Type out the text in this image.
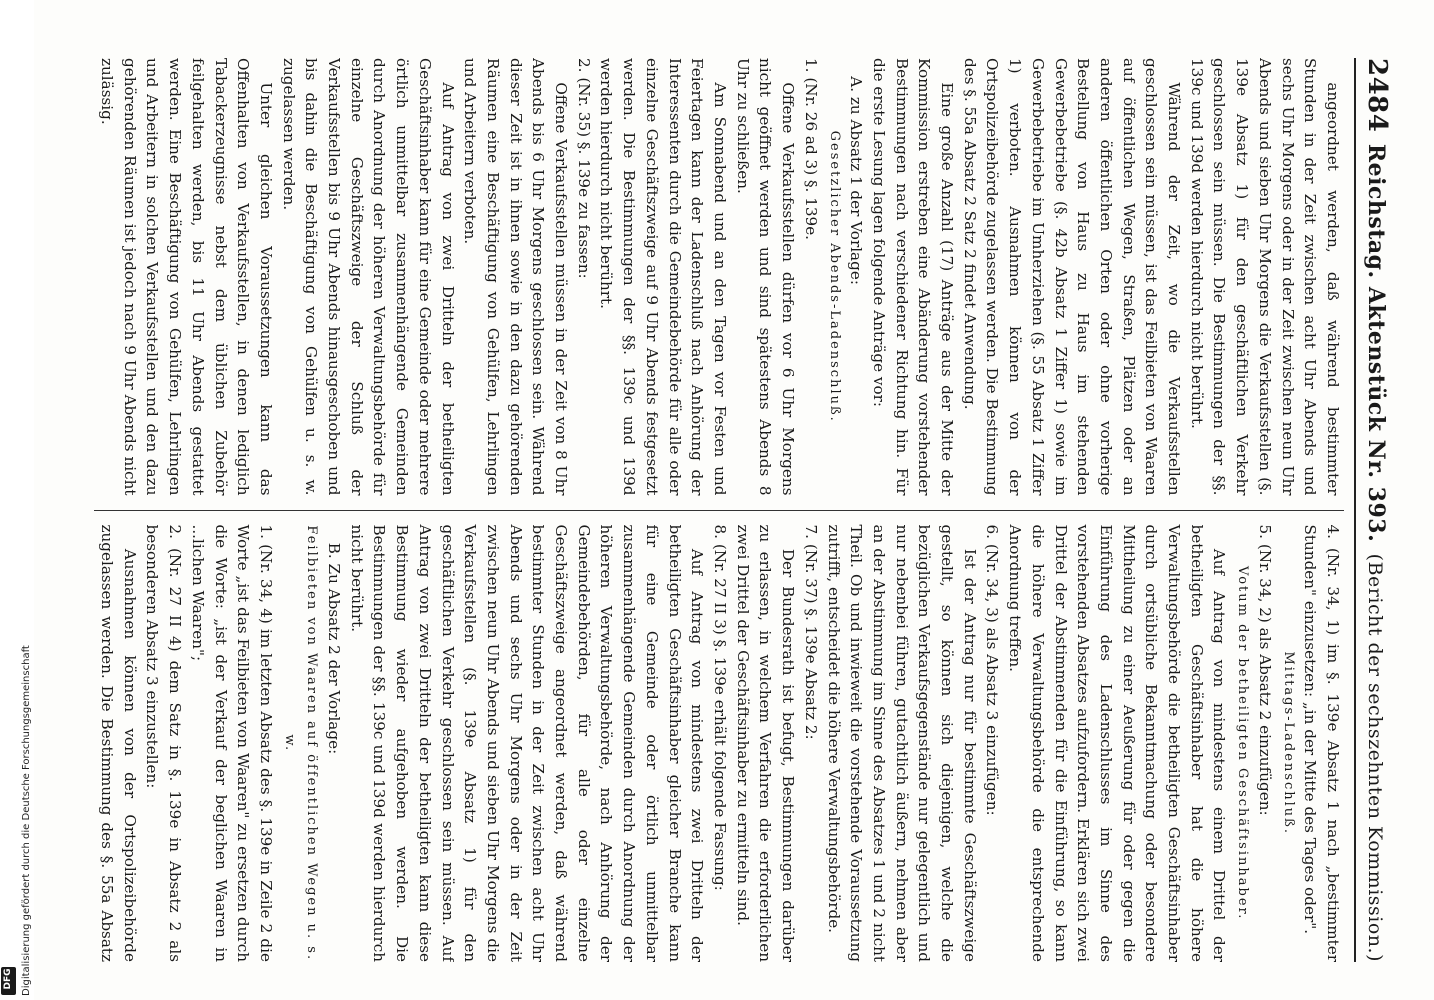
2484
Reichstag. Aktenstück Nr. 393.
(Bericht der sechszehnten Kommission.)

angeordnet werden, daß während bestimmter Stunden in der Zeit zwischen acht Uhr Abends und sechs Uhr Morgens oder in der Zeit zwischen neun Uhr Abends und sieben Uhr Morgens die Verkaufsstellen (§. 139e Absatz 1) für den geschäftlichen Verkehr geschlossen sein müssen. Die Bestimmungen der §§. 139c und 139d werden hierdurch nicht berührt.

Während der Zeit, wo die Verkaufsstellen geschlossen sein müssen, ist das Feilbieten von Waaren auf öffentlichen Wegen, Straßen, Plätzen oder an anderen öffentlichen Orten oder ohne vorherige Bestellung von Haus zu Haus im stehenden Gewerbebetriebe (§. 42b Absatz 1 Ziffer 1) sowie im Gewerbebetriebe im Umherziehen (§. 55 Absatz 1 Ziffer 1) verboten. Ausnahmen können von der Ortspolizeibehörde zugelassen werden. Die Bestimmung des §. 55a Absatz 2 Satz 2 findet Anwendung.

Eine große Anzahl (17) Anträge aus der Mitte der Kommission erstreben eine Abänderung vorstehender Bestimmungen nach verschiedener Richtung hin. Für die erste Lesung lagen folgende Anträge vor:

A. zu Absatz 1 der Vorlage:

Gesetzlicher Abends-Ladenschluß.

1. (Nr. 26 ad 3) §. 139e.

Offene Verkaufsstellen dürfen vor 6 Uhr Morgens nicht geöffnet werden und sind spätestens Abends 8 Uhr zu schließen.

Am Sonnabend und an den Tagen vor Festen und Feiertagen kann der Ladenschluß nach Anhörung der Interessenten durch die Gemeindebehörde für alle oder einzelne Geschäftszweige auf 9 Uhr Abends festgesetzt werden. Die Bestimmungen der §§. 139c und 139d werden hierdurch nicht berührt.

2. (Nr. 35) §. 139e zu fassen:

Offene Verkaufsstellen müssen in der Zeit von 8 Uhr Abends bis 6 Uhr Morgens geschlossen sein. Während dieser Zeit ist in ihnen sowie in den dazu gehörenden Räumen eine Beschäftigung von Gehülfen, Lehrlingen und Arbeitern verboten.

Auf Antrag von zwei Dritteln der betheiligten Geschäftsinhaber kann für eine Gemeinde oder mehrere örtlich unmittelbar zusammenhängende Gemeinden durch Anordnung der höheren Verwaltungsbehörde für einzelne Geschäftszweige der Schluß der Verkaufsstellen bis 9 Uhr Abends hinausgeschoben und bis dahin die Beschäftigung von Gehülfen u. s. w. zugelassen werden.

Unter gleichen Voraussetzungen kann das Offenhalten von Verkaufsstellen, in denen lediglich Tabackerzeugnisse nebst dem üblichen Zubehör feilgehalten werden, bis 11 Uhr Abends gestattet werden. Eine Beschäftigung von Gehülfen, Lehrlingen und Arbeitern in solchen Verkaufsstellen und den dazu gehörenden Räumen ist jedoch nach 9 Uhr Abends nicht zulässig.

4. (Nr. 34, 1) im §. 139e Absatz 1 nach „bestimmter Stunden" einzusetzen: „in der Mitte des Tages oder".

Mittags-Ladenschluß.

5. (Nr. 34, 2) als Absatz 2 einzufügen:

Votum der betheiligten Geschäftsinhaber.

Auf Antrag von mindestens einem Drittel der betheiligten Geschäftsinhaber hat die höhere Verwaltungsbehörde die betheiligten Geschäftsinhaber durch ortsübliche Bekanntmachung oder besondere Mittheilung zu einer Aeußerung für oder gegen die Einführung des Ladenschlusses im Sinne des vorstehenden Absatzes aufzufordern. Erklären sich zwei Drittel der Abstimmenden für die Einführung, so kann die höhere Verwaltungsbehörde die entsprechende Anordnung treffen.

6. (Nr. 34, 3) als Absatz 3 einzufügen:

Ist der Antrag nur für bestimmte Geschäftszweige gestellt, so können sich diejenigen, welche die bezüglichen Verkaufsgegenstände nur gelegentlich und nur nebenbei führen, gutachtlich äußern, nehmen aber an der Abstimmung im Sinne des Absatzes 1 und 2 nicht Theil. Ob und inwieweit die vorstehende Voraussetzung zutrifft, entscheidet die höhere Verwaltungsbehörde.

7. (Nr. 37) §. 139e Absatz 2:

Der Bundesrath ist befugt, Bestimmungen darüber zu erlassen, in welchem Verfahren die erforderlichen zwei Drittel der Geschäftsinhaber zu ermitteln sind.

8. (Nr. 27 II 3) §. 139e erhält folgende Fassung:

Auf Antrag von mindestens zwei Dritteln der betheiligten Geschäftsinhaber gleicher Branche kann für eine Gemeinde oder örtlich unmittelbar zusammenhängende Gemeinden durch Anordnung der höheren Verwaltungsbehörde, nach Anhörung der Gemeindebehörden, für alle oder einzelne Geschäftszweige angeordnet werden, daß während bestimmter Stunden in der Zeit zwischen acht Uhr Abends und sechs Uhr Morgens oder in der Zeit zwischen neun Uhr Abends und sieben Uhr Morgens die Verkaufsstellen (§. 139e Absatz 1) für den geschäftlichen Verkehr geschlossen sein müssen. Auf Antrag von zwei Dritteln der betheiligten kann diese Bestimmung wieder aufgehoben werden. Die Bestimmungen der §§. 139c und 139d werden hierdurch nicht berührt.

B. Zu Absatz 2 der Vorlage:

Feilbieten von Waaren auf öffentlichen Wegen u. s. w.

1. (Nr. 34, 4) im letzten Absatz des §. 139e in Zeile 2 die Worte „ist das Feilbieten von Waaren" zu ersetzen durch die Worte: „ist der Verkauf der beglichen Waaren in ...lichen Waaren";

2. (Nr. 27 II 4) dem Satz in §. 139e in Absatz 2 als besonderen Absatz 3 einzustellen:

Ausnahmen können von der Ortspolizeibehörde zugelassen werden. Die Bestimmung des §. 55a Absatz

Digitalisierung gefördert durch die Deutsche Forschungsgemeinschaft
DFG
